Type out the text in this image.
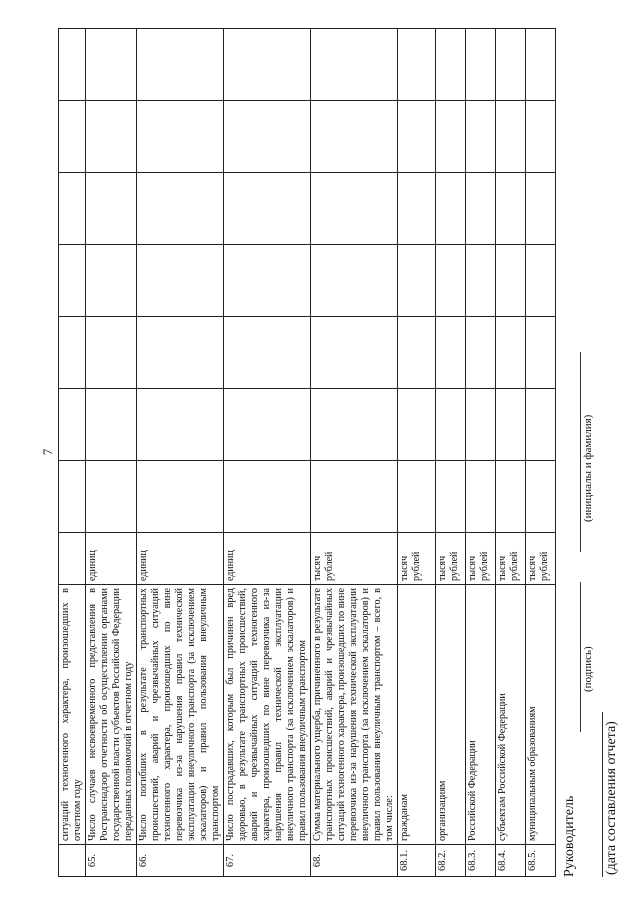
7
	ситуаций техногенного характера, произошедших в отчетном году								
65.	Число случаев несвоевременного представления в Ространснадзор отчетности об осуществлении органами государственной власти субъектов Российской Федерации переданных полномочий в отчетном году	единиц							
66.	Число погибших в результате транспортных происшествий, аварий и чрезвычайных ситуаций техногенного характера, произошедших по вине перевозчика из-за нарушения правил технической эксплуатации внеуличного транспорта (за исключением эскалаторов) и правил пользования внеуличным транспортом	единиц							
67.	Число пострадавших, которым был причинен вред здоровью, в результате транспортных происшествий, аварий и чрезвычайных ситуаций техногенного характера, произошедших по вине перевозчика из-за нарушения правил технической эксплуатации внеуличного транспорта (за исключением эскалаторов) и правил пользования внеуличным транспортом	единиц							
68.	Сумма материального ущерба, причиненного в результате транспортных происшествий, аварий и чрезвычайных ситуаций техногенного характера, произошедших по вине перевозчика из-за нарушения технической эксплуатации внеуличного транспорта (за исключением эскалаторов) и правил пользования внеуличным транспортом – всего, в том числе:	тысяч рублей							
68.1.	гражданам	тысяч рублей							
68.2.	организациям	тысяч рублей							
68.3.	Российской Федерации	тысяч рублей							
68.4.	субъектам Российской Федерации	тысяч рублей							
68.5.	муниципальным образованиям	тысяч рублей							
Руководитель
(подпись)
(инициалы и фамилия)
(дата составления отчета)
